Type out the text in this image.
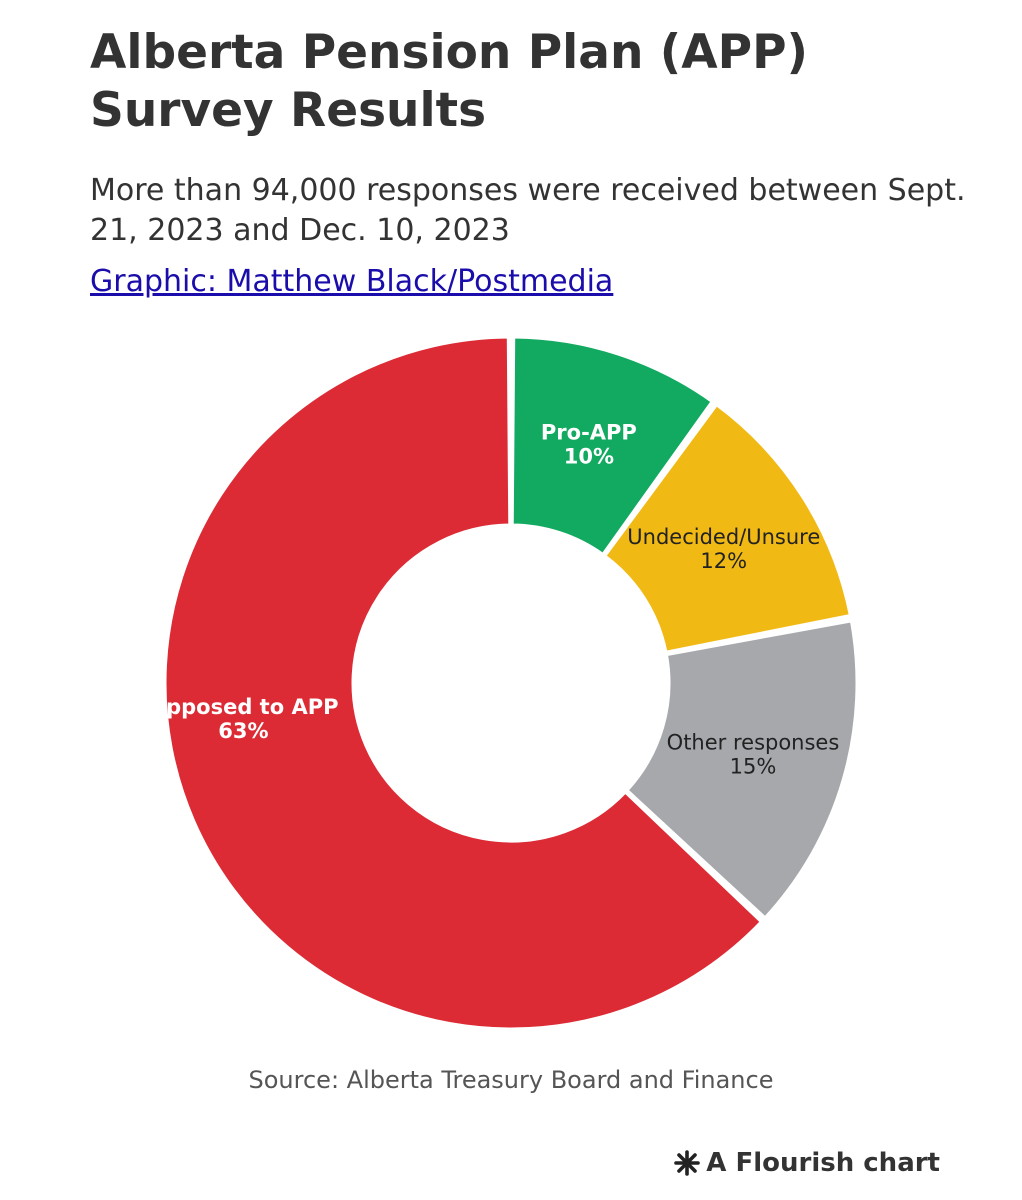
Alberta Pension Plan (APP) Survey Results

More than 94,000 responses were received between Sept. 21, 2023 and Dec. 10, 2023

Graphic: Matthew Black/Postmedia
Pro-APP
10%
Undecided/Unsure
12%
Other responses
15%
Opposed to APP
63%
Source: Alberta Treasury Board and Finance
A Flourish chart
